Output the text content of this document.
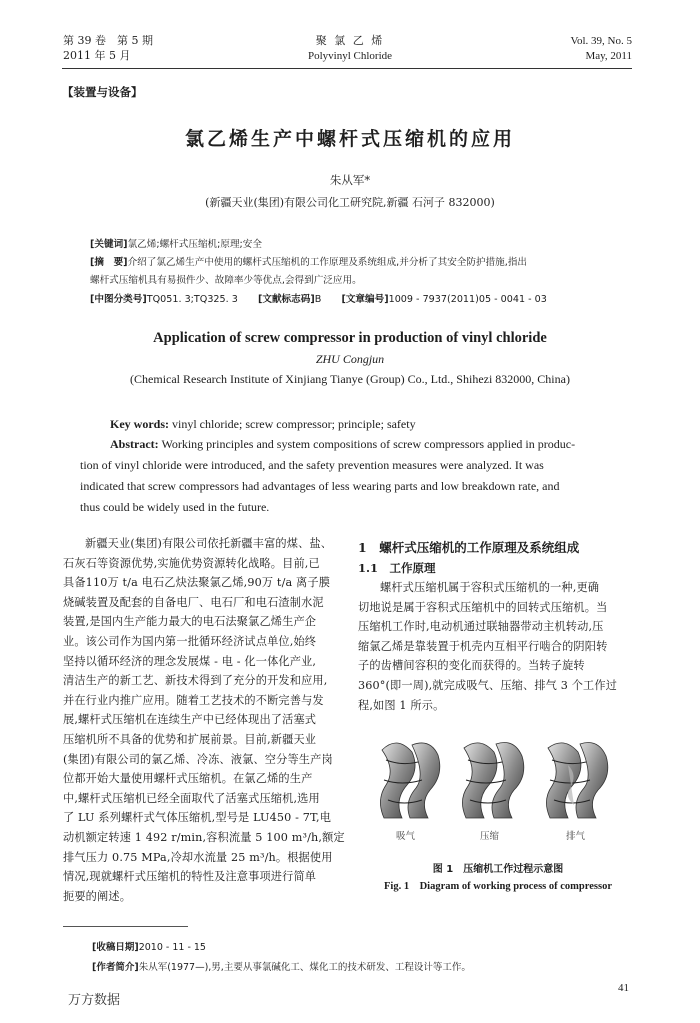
第 39 卷　第 5 期
2011 年 5 月
聚 氯 乙 烯
Polyvinyl Chloride
Vol. 39, No. 5
May, 2011
【装置与设备】
氯乙烯生产中螺杆式压缩机的应用
朱从军*
(新疆天业(集团)有限公司化工研究院,新疆 石河子 832000)
[关键词]氯乙烯;螺杆式压缩机;原理;安全
[摘　要]介绍了氯乙烯生产中使用的螺杆式压缩机的工作原理及系统组成,并分析了其安全防护措施,指出
螺杆式压缩机具有易损件少、故障率少等优点,会得到广泛应用。
[中图分类号]TQ051. 3;TQ325. 3 [文献标志码]B [文章编号]1009 - 7937(2011)05 - 0041 - 03
Application of screw compressor in production of vinyl chloride
ZHU Congjun
(Chemical Research Institute of Xinjiang Tianye (Group) Co., Ltd., Shihezi 832000, China)
Key words: vinyl chloride; screw compressor; principle; safety
Abstract: Working principles and system compositions of screw compressors applied in produc-
tion of vinyl chloride were introduced, and the safety prevention measures were analyzed. It was
indicated that screw compressors had advantages of less wearing parts and low breakdown rate, and
thus could be widely used in the future.
新疆天业(集团)有限公司依托新疆丰富的煤、盐、
石灰石等资源优势,实施优势资源转化战略。目前,已
具备110万 t/a 电石乙炔法聚氯乙烯,90万 t/a 离子膜
烧碱装置及配套的自备电厂、电石厂和电石渣制水泥
装置,是国内生产能力最大的电石法聚氯乙烯生产企
业。该公司作为国内第一批循环经济试点单位,始终
坚持以循环经济的理念发展煤 - 电 - 化一体化产业,
清洁生产的新工艺、新技术得到了充分的开发和应用,
并在行业内推广应用。随着工艺技术的不断完善与发
展,螺杆式压缩机在连续生产中已经体现出了活塞式
压缩机所不具备的优势和扩展前景。目前,新疆天业
(集团)有限公司的氯乙烯、冷冻、液氯、空分等生产岗
位都开始大量使用螺杆式压缩机。在氯乙烯的生产
中,螺杆式压缩机已经全面取代了活塞式压缩机,选用
了 LU 系列螺杆式气体压缩机,型号是 LU450 - 7T,电
动机额定转速 1 492 r/min,容积流量 5 100 m³/h,额定
排气压力 0.75 MPa,冷却水流量 25 m³/h。根据使用
情况,现就螺杆式压缩机的特性及注意事项进行简单
扼要的阐述。
1　螺杆式压缩机的工作原理及系统组成
1.1　工作原理
螺杆式压缩机属于容积式压缩机的一种,更确
切地说是属于容积式压缩机中的回转式压缩机。当
压缩机工作时,电动机通过联轴器带动主机转动,压
缩氯乙烯是靠装置于机壳内互相平行啮合的阴阳转
子的齿槽间容积的变化而获得的。当转子旋转
360°(即一周),就完成吸气、压缩、排气 3 个工作过
程,如图 1 所示。
吸气	压缩	排气
图 1　压缩机工作过程示意图
Fig. 1　Diagram of working process of compressor
[收稿日期]2010 - 11 - 15
[作者简介]朱从军(1977—),男,主要从事氯碱化工、煤化工的技术研发、工程设计等工作。
41
万方数据
